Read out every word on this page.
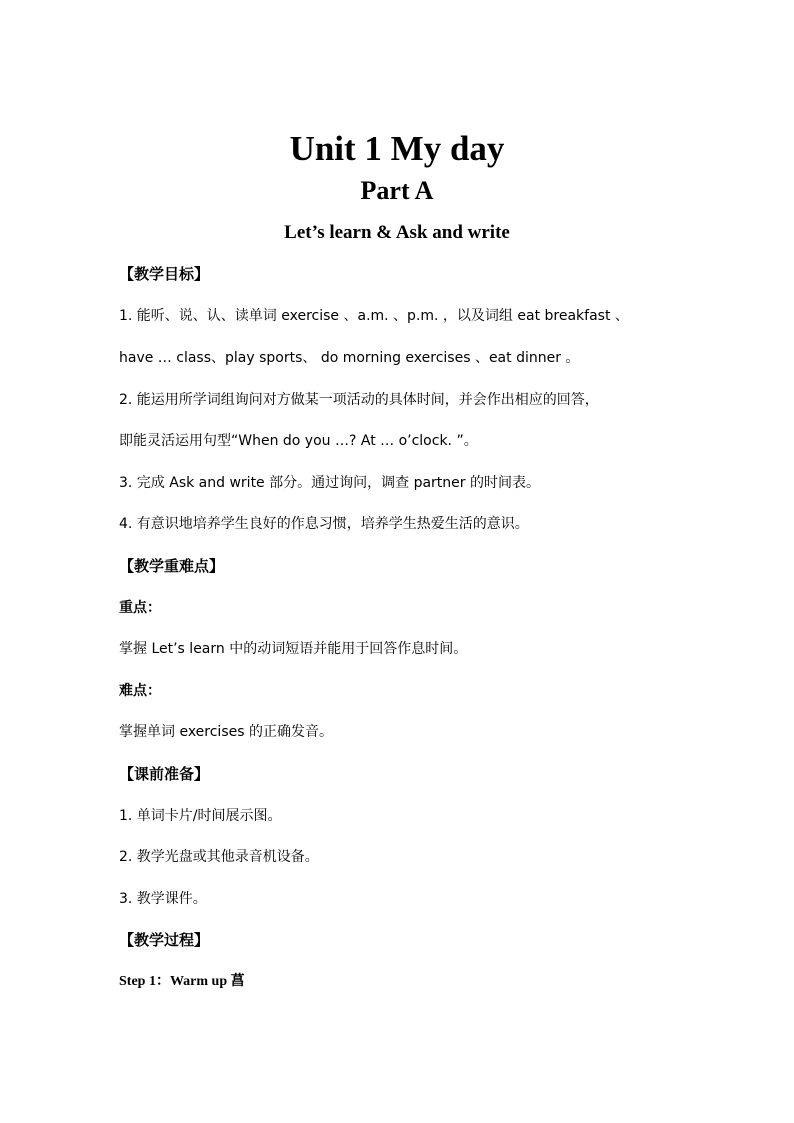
Unit 1 My day
Part A
Let’s learn & Ask and write
【教学目标】
1. 能听、说、认、读单词 exercise 、a.m. 、p.m. ，以及词组 eat breakfast 、
have … class、play sports、 do morning exercises 、eat dinner 。
2. 能运用所学词组询问对方做某一项活动的具体时间，并会作出相应的回答，
即能灵活运用句型“When do you …? At … o’clock. ”。
3. 完成 Ask and write 部分。通过询问，调查 partner 的时间表。
4. 有意识地培养学生良好的作息习惯，培养学生热爱生活的意识。
【教学重难点】
重点：
掌握 Let’s learn 中的动词短语并能用于回答作息时间。
难点：
掌握单词 exercises 的正确发音。
【课前准备】
1. 单词卡片/时间展示图。
2. 教学光盘或其他录音机设备。
3. 教学课件。
【教学过程】
Step 1：Warm up 菖
